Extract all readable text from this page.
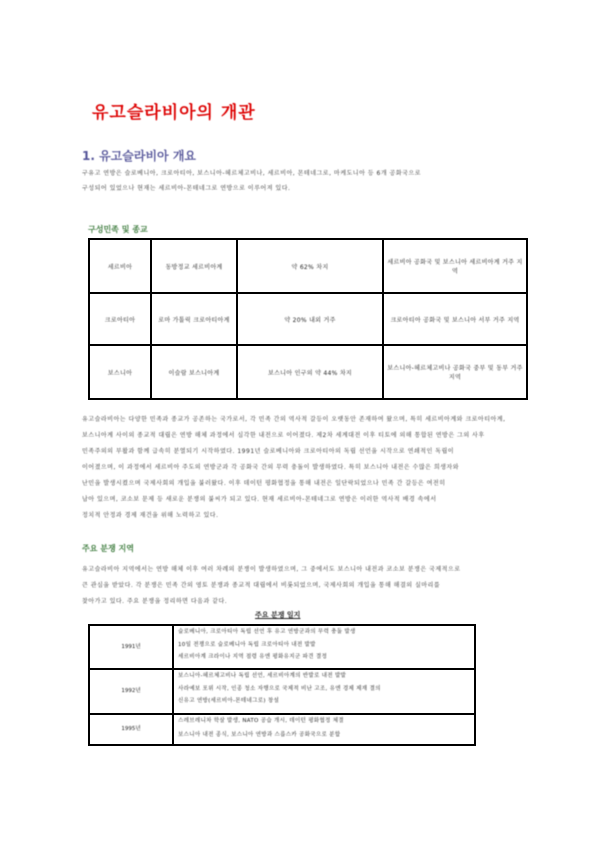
유고슬라비아의 개관
1. 유고슬라비아 개요
구유고 연방은 슬로베니아, 크로아티아, 보스니아-헤르체고비나, 세르비아, 몬테네그로, 마케도니아 등 6개 공화국으로
구성되어 있었으나 현재는 세르비아-몬테네그로 연방으로 이루어져 있다.
구성민족 및 종교
세르비아	동방정교 세르비아계	약 62% 차지	세르비아 공화국 및 보스니아 세르비아계 거주 지역
크로아티아	로마 가톨릭 크로아티아계	약 20% 내외 거주	크로아티아 공화국 및 보스니아 서부 거주 지역
보스니아	이슬람 보스니아계	보스니아 인구의 약 44% 차지	보스니아-헤르체고비나 공화국 중부 및 동부 거주 지역
유고슬라비아는 다양한 민족과 종교가 공존하는 국가로서, 각 민족 간의 역사적 갈등이 오랫동안 존재하여 왔으며, 특히 세르비아계와 크로아티아계,
보스니아계 사이의 종교적 대립은 연방 해체 과정에서 심각한 내전으로 이어졌다. 제2차 세계대전 이후 티토에 의해 통합된 연방은 그의 사후
민족주의의 부활과 함께 급속히 분열되기 시작하였다. 1991년 슬로베니아와 크로아티아의 독립 선언을 시작으로 연쇄적인 독립이
이어졌으며, 이 과정에서 세르비아 주도의 연방군과 각 공화국 간의 무력 충돌이 발생하였다. 특히 보스니아 내전은 수많은 희생자와
난민을 발생시켰으며 국제사회의 개입을 불러왔다. 이후 데이턴 평화협정을 통해 내전은 일단락되었으나 민족 간 갈등은 여전히
남아 있으며, 코소보 문제 등 새로운 분쟁의 불씨가 되고 있다. 현재 세르비아-몬테네그로 연방은 이러한 역사적 배경 속에서
정치적 안정과 경제 재건을 위해 노력하고 있다.
주요 분쟁 지역
유고슬라비아 지역에서는 연방 해체 이후 여러 차례의 분쟁이 발생하였으며, 그 중에서도 보스니아 내전과 코소보 분쟁은 국제적으로
큰 관심을 받았다. 각 분쟁은 민족 간의 영토 분쟁과 종교적 대립에서 비롯되었으며, 국제사회의 개입을 통해 해결의 실마리를
찾아가고 있다. 주요 분쟁을 정리하면 다음과 같다.
주요 분쟁 일지
1991년	슬로베니아, 크로아티아 독립 선언 후 유고 연방군과의 무력 충돌 발생
10일 전쟁으로 슬로베니아 독립 크로아티아 내전 발발
세르비아계 크라이나 지역 점령 유엔 평화유지군 파견 결정

1992년	보스니아-헤르체고비나 독립 선언, 세르비아계의 반발로 내전 발발
사라예보 포위 시작, 인종 청소 자행으로 국제적 비난 고조, 유엔 경제 제재 결의
신유고 연방(세르비아-몬테네그로) 창설

1995년	스레브레니차 학살 발생, NATO 공습 개시, 데이턴 평화협정 체결
보스니아 내전 종식, 보스니아 연방과 스릅스카 공화국으로 분할
